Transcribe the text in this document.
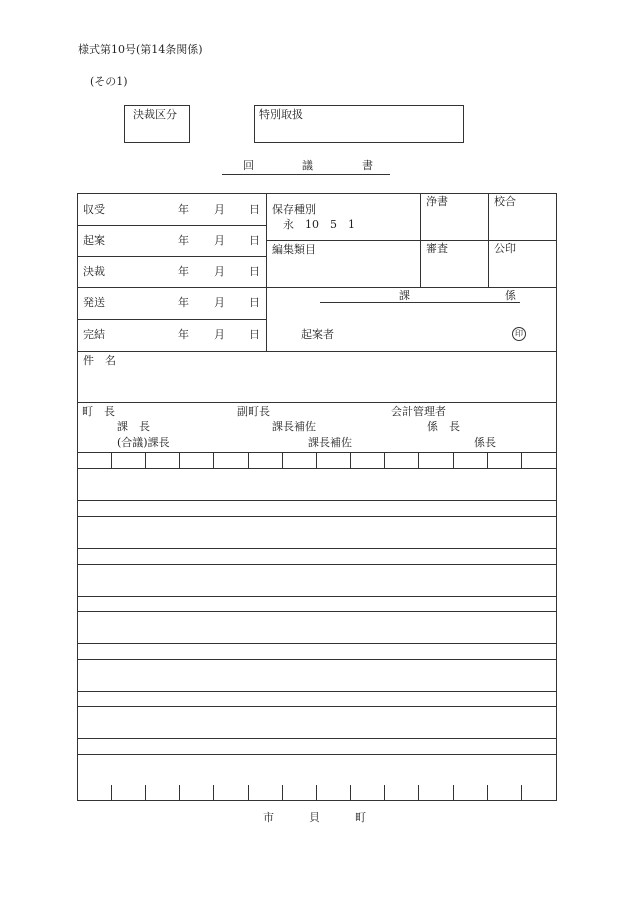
様式第10号(第14条関係)
(その1)
決裁区分	特別取扱
回	議	書
収受	年 月 日
起案	年 月 日
決裁	年 月 日
発送	年 月 日
完結	年 月 日
保存種別
永　10　5　1
編集類目
浄書	校合
審査	公印
課	係
起案者	印
件　名
町　長	副町長	会計管理者
課　長	課長補佐	係　長
(合議)課長	課長補佐	係長
市	貝	町
